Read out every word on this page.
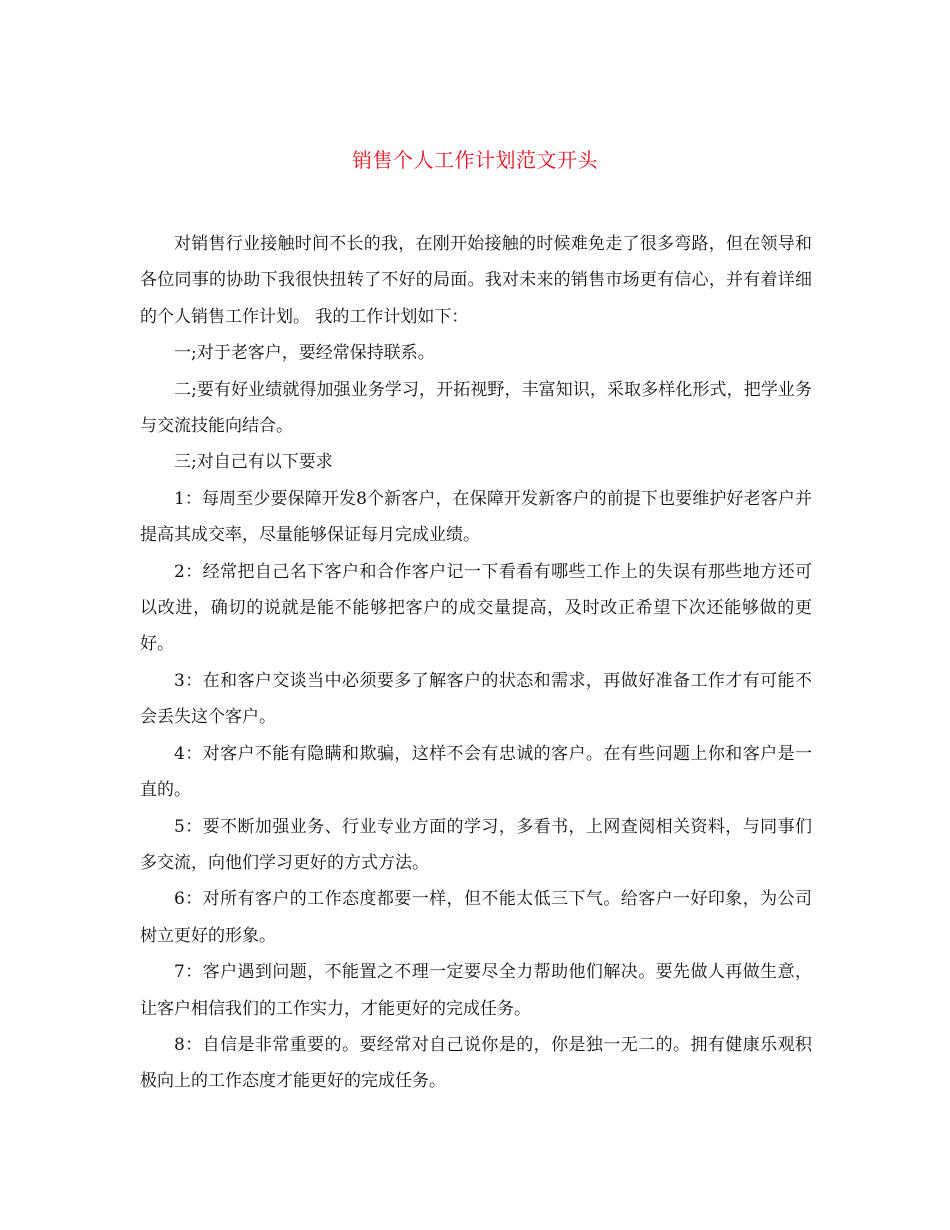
销售个人工作计划范文开头

对销售行业接触时间不长的我，在刚开始接触的时候难免走了很多弯路，但在领导和各位同事的协助下我很快扭转了不好的局面。我对未来的销售市场更有信心，并有着详细的个人销售工作计划。 我的工作计划如下：

一;对于老客户，要经常保持联系。

二;要有好业绩就得加强业务学习，开拓视野，丰富知识，采取多样化形式，把学业务与交流技能向结合。

三;对自己有以下要求

1：每周至少要保障开发8个新客户，在保障开发新客户的前提下也要维护好老客户并提高其成交率，尽量能够保证每月完成业绩。

2：经常把自己名下客户和合作客户记一下看看有哪些工作上的失误有那些地方还可以改进，确切的说就是能不能够把客户的成交量提高，及时改正希望下次还能够做的更好。

3：在和客户交谈当中必须要多了解客户的状态和需求，再做好准备工作才有可能不会丢失这个客户。

4：对客户不能有隐瞒和欺骗，这样不会有忠诚的客户。在有些问题上你和客户是一直的。

5：要不断加强业务、行业专业方面的学习，多看书，上网查阅相关资料，与同事们多交流，向他们学习更好的方式方法。

6：对所有客户的工作态度都要一样，但不能太低三下气。给客户一好印象，为公司树立更好的形象。

7：客户遇到问题，不能置之不理一定要尽全力帮助他们解决。要先做人再做生意，让客户相信我们的工作实力，才能更好的完成任务。

8：自信是非常重要的。要经常对自己说你是的，你是独一无二的。拥有健康乐观积极向上的工作态度才能更好的完成任务。
